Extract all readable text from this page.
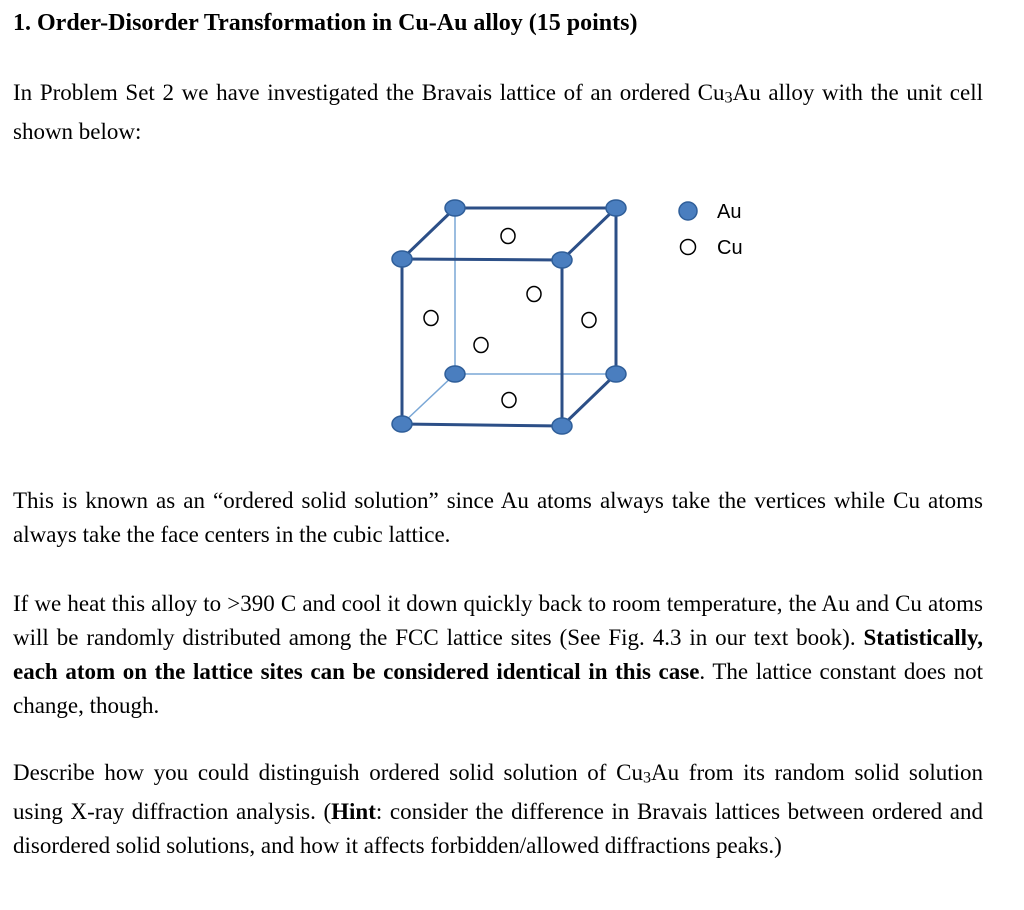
1. Order-Disorder Transformation in Cu-Au alloy (15 points)

In Problem Set 2 we have investigated the Bravais lattice of an ordered $Cu_3Au$ alloy with the unit cell shown below:

Au
Cu

This is known as an “ordered solid solution” since Au atoms always take the vertices while Cu atoms always take the face centers in the cubic lattice.

If we heat this alloy to >390 C and cool it down quickly back to room temperature, the Au and Cu atoms will be randomly distributed among the FCC lattice sites (See Fig. 4.3 in our text book). Statistically, each atom on the lattice sites can be considered identical in this case. The lattice constant does not change, though.

Describe how you could distinguish ordered solid solution of $Cu_3Au$ from its random solid solution using X-ray diffraction analysis. (Hint: consider the difference in Bravais lattices between ordered and disordered solid solutions, and how it affects forbidden/allowed diffractions peaks.)
